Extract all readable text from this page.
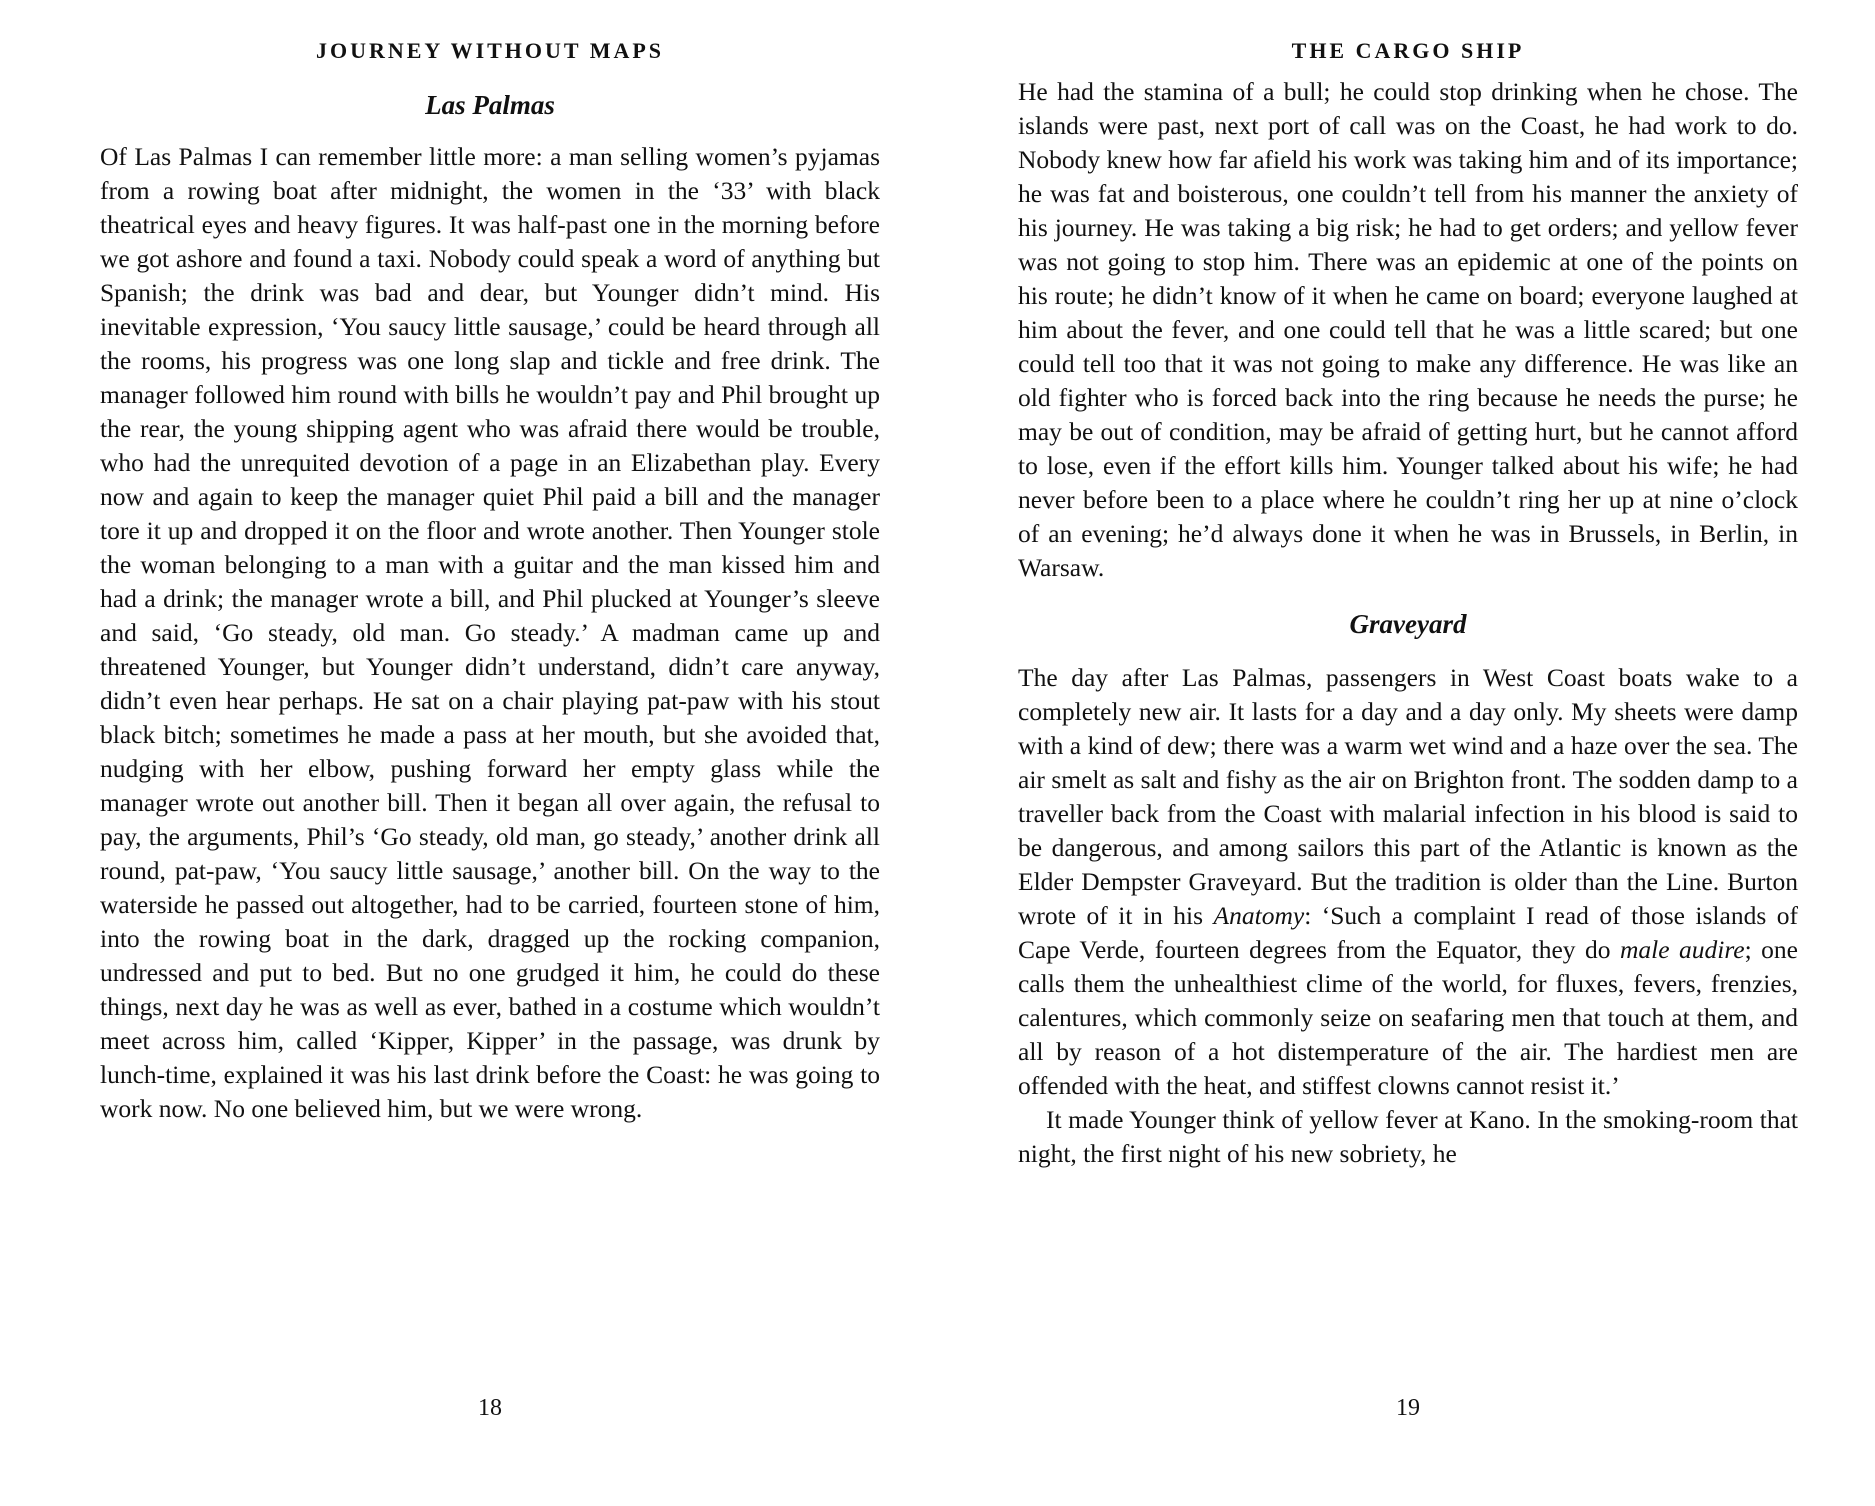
JOURNEY WITHOUT MAPS
Las Palmas

Of Las Palmas I can remember little more: a man selling women’s pyjamas from a rowing boat after midnight, the women in the ‘33’ with black theatrical eyes and heavy figures. It was half-past one in the morning before we got ashore and found a taxi. Nobody could speak a word of anything but Spanish; the drink was bad and dear, but Younger didn’t mind. His inevitable expression, ‘You saucy little sausage,’ could be heard through all the rooms, his progress was one long slap and tickle and free drink. The manager followed him round with bills he wouldn’t pay and Phil brought up the rear, the young shipping agent who was afraid there would be trouble, who had the unrequited devotion of a page in an Elizabethan play. Every now and again to keep the manager quiet Phil paid a bill and the manager tore it up and dropped it on the floor and wrote another. Then Younger stole the woman belonging to a man with a guitar and the man kissed him and had a drink; the manager wrote a bill, and Phil plucked at Younger’s sleeve and said, ‘Go steady, old man. Go steady.’ A madman came up and threatened Younger, but Younger didn’t understand, didn’t care anyway, didn’t even hear perhaps. He sat on a chair playing pat-paw with his stout black bitch; sometimes he made a pass at her mouth, but she avoided that, nudging with her elbow, pushing forward her empty glass while the manager wrote out another bill. Then it began all over again, the refusal to pay, the arguments, Phil’s ‘Go steady, old man, go steady,’ another drink all round, pat-paw, ‘You saucy little sausage,’ another bill. On the way to the waterside he passed out altogether, had to be carried, fourteen stone of him, into the rowing boat in the dark, dragged up the rocking companion, undressed and put to bed. But no one grudged it him, he could do these things, next day he was as well as ever, bathed in a costume which wouldn’t meet across him, called ‘Kipper, Kipper’ in the passage, was drunk by lunch-time, explained it was his last drink before the Coast: he was going to work now. No one believed him, but we were wrong.

18
THE CARGO SHIP

He had the stamina of a bull; he could stop drinking when he chose. The islands were past, next port of call was on the Coast, he had work to do. Nobody knew how far afield his work was taking him and of its importance; he was fat and boisterous, one couldn’t tell from his manner the anxiety of his journey. He was taking a big risk; he had to get orders; and yellow fever was not going to stop him. There was an epidemic at one of the points on his route; he didn’t know of it when he came on board; everyone laughed at him about the fever, and one could tell that he was a little scared; but one could tell too that it was not going to make any difference. He was like an old fighter who is forced back into the ring because he needs the purse; he may be out of condition, may be afraid of getting hurt, but he cannot afford to lose, even if the effort kills him. Younger talked about his wife; he had never before been to a place where he couldn’t ring her up at nine o’clock of an evening; he’d always done it when he was in Brussels, in Berlin, in Warsaw.

Graveyard

The day after Las Palmas, passengers in West Coast boats wake to a completely new air. It lasts for a day and a day only. My sheets were damp with a kind of dew; there was a warm wet wind and a haze over the sea. The air smelt as salt and fishy as the air on Brighton front. The sodden damp to a traveller back from the Coast with malarial infection in his blood is said to be dangerous, and among sailors this part of the Atlantic is known as the Elder Dempster Graveyard. But the tradition is older than the Line. Burton wrote of it in his Anatomy: ‘Such a complaint I read of those islands of Cape Verde, fourteen degrees from the Equator, they do male audire; one calls them the unhealthiest clime of the world, for fluxes, fevers, frenzies, calentures, which commonly seize on seafaring men that touch at them, and all by reason of a hot distemperature of the air. The hardiest men are offended with the heat, and stiffest clowns cannot resist it.’

It made Younger think of yellow fever at Kano. In the smoking-room that night, the first night of his new sobriety, he

19
